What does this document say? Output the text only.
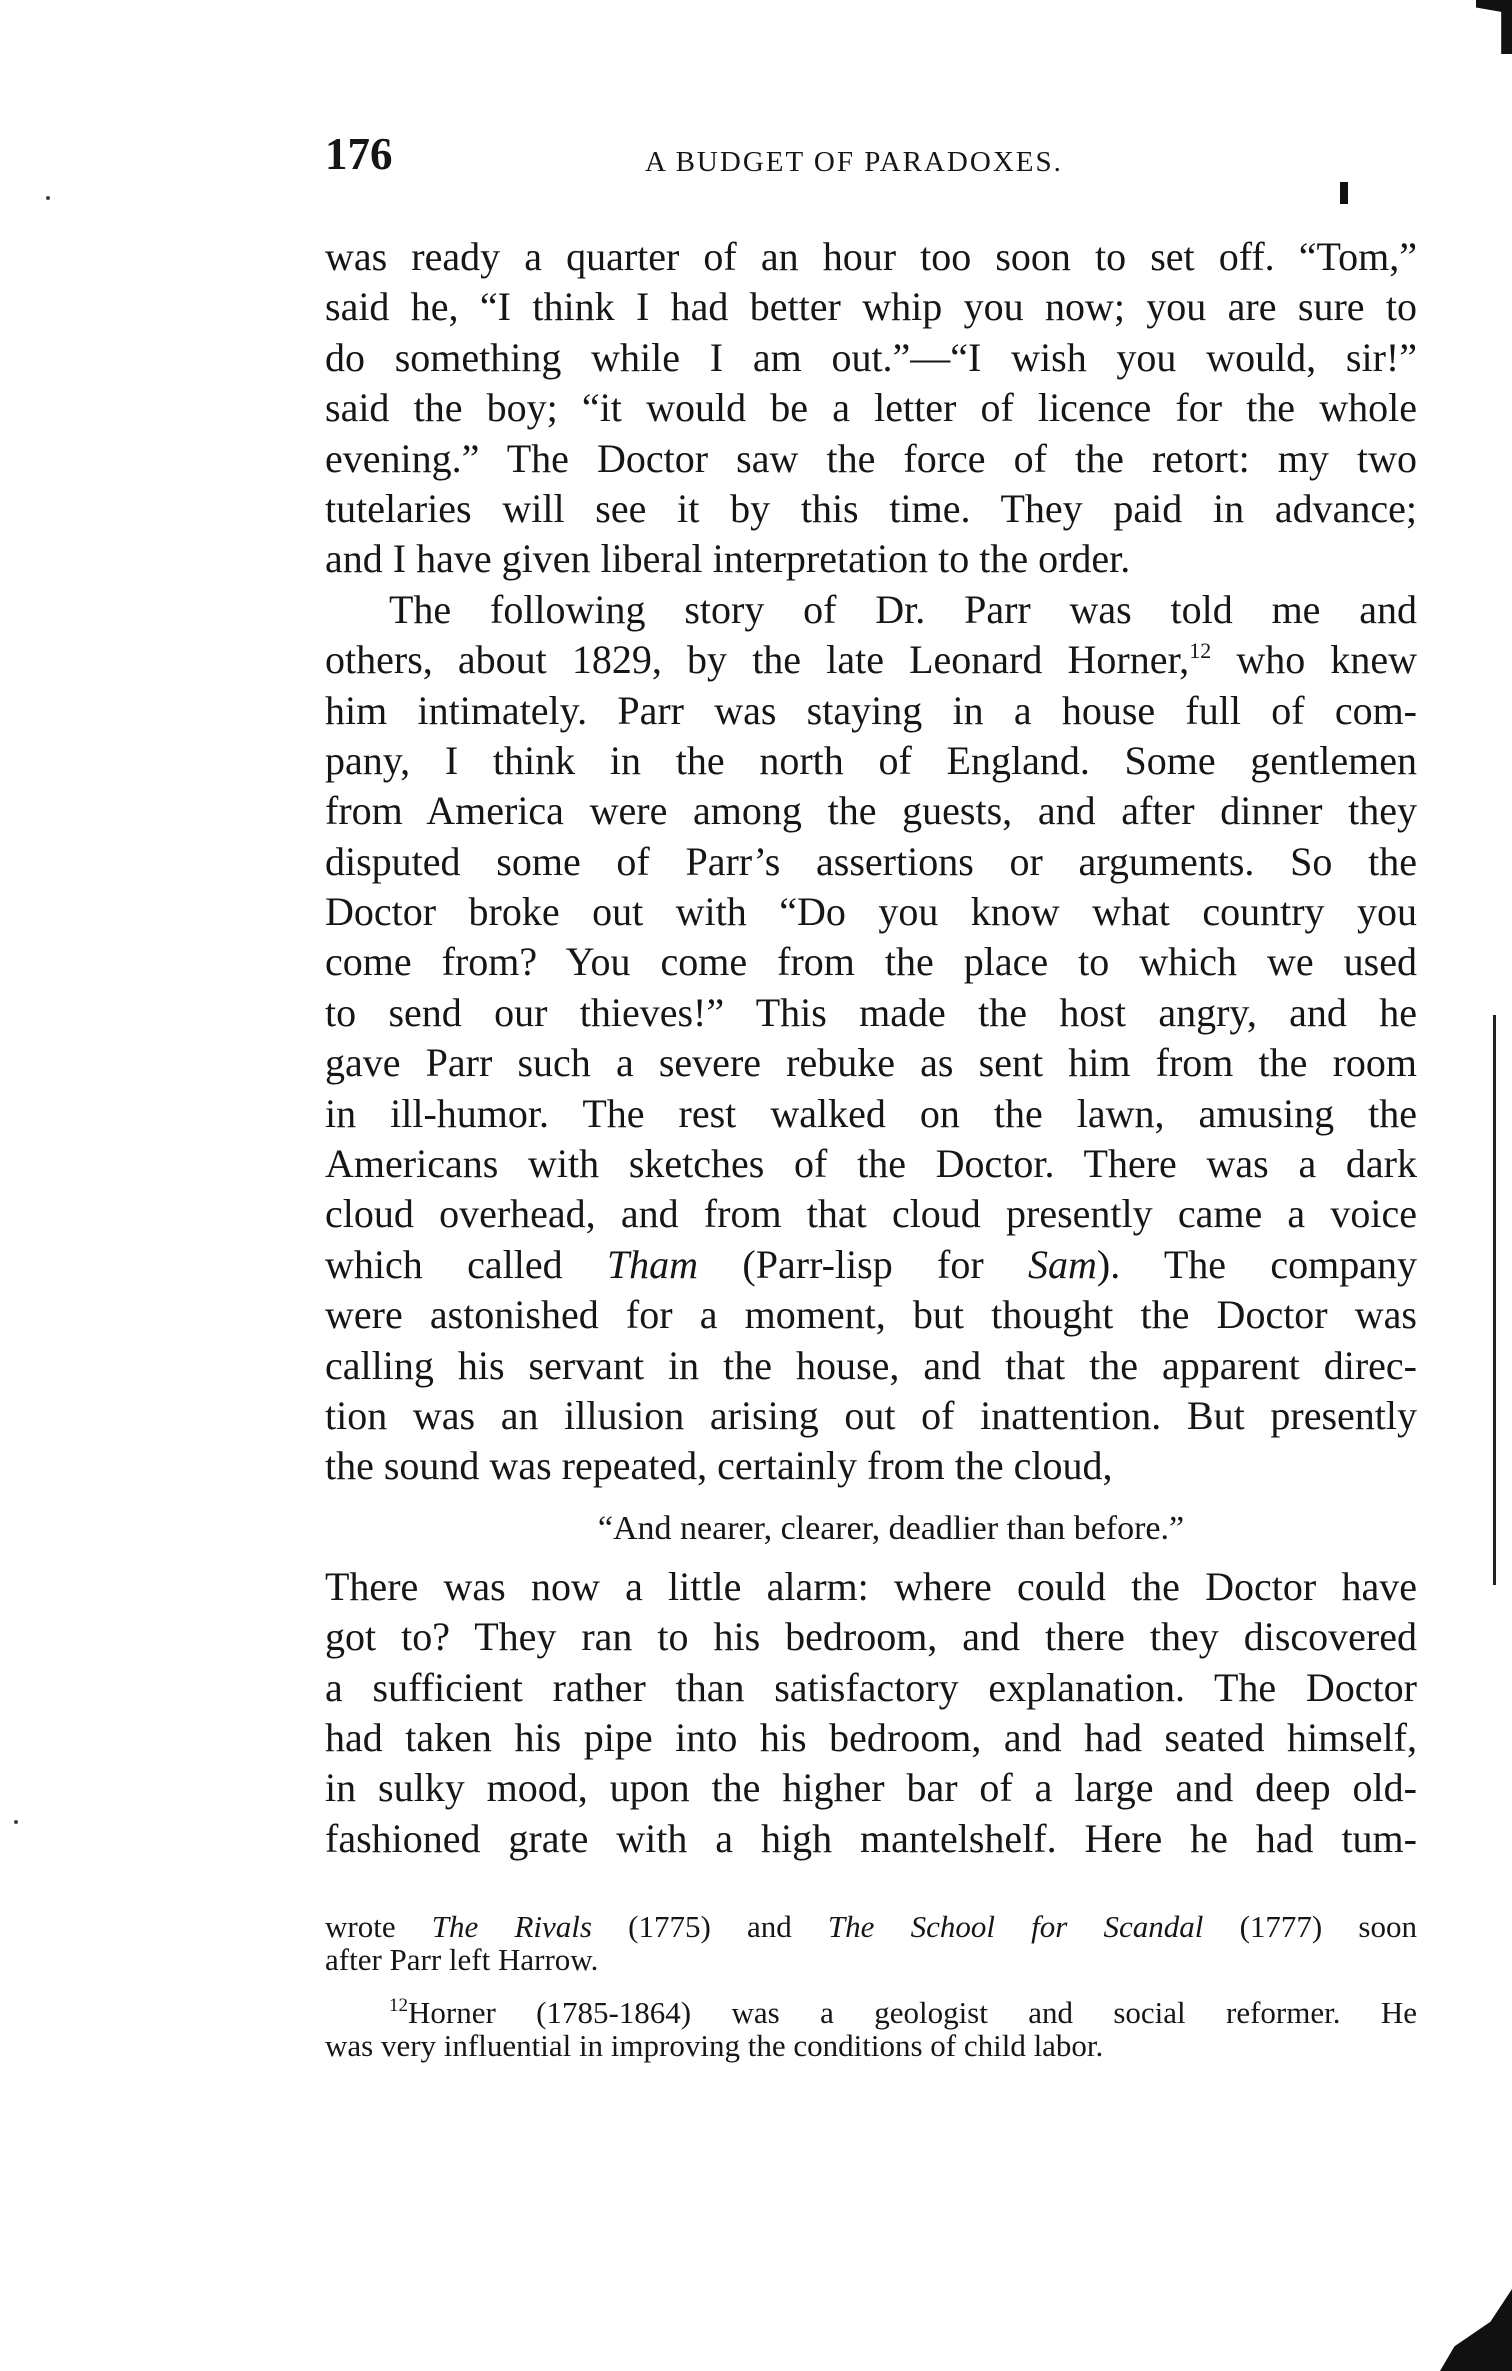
176	A BUDGET OF PARADOXES.
was ready a quarter of an hour too soon to set off. “Tom,”
said he, “I think I had better whip you now; you are sure to
do something while I am out.”—“I wish you would, sir!”
said the boy; “it would be a letter of licence for the whole
evening.” The Doctor saw the force of the retort: my two
tutelaries will see it by this time. They paid in advance;
and I have given liberal interpretation to the order.
The following story of Dr. Parr was told me and
others, about 1829, by the late Leonard Horner,$^{12}$ who knew
him intimately. Parr was staying in a house full of com-
pany, I think in the north of England. Some gentlemen
from America were among the guests, and after dinner they
disputed some of Parr’s assertions or arguments. So the
Doctor broke out with “Do you know what country you
come from? You come from the place to which we used
to send our thieves!” This made the host angry, and he
gave Parr such a severe rebuke as sent him from the room
in ill-humor. The rest walked on the lawn, amusing the
Americans with sketches of the Doctor. There was a dark
cloud overhead, and from that cloud presently came a voice
which called Tham (Parr-lisp for Sam). The company
were astonished for a moment, but thought the Doctor was
calling his servant in the house, and that the apparent direc-
tion was an illusion arising out of inattention. But presently
the sound was repeated, certainly from the cloud,
“And nearer, clearer, deadlier than before.”
There was now a little alarm: where could the Doctor have
got to? They ran to his bedroom, and there they discovered
a sufficient rather than satisfactory explanation. The Doctor
had taken his pipe into his bedroom, and had seated himself,
in sulky mood, upon the higher bar of a large and deep old-
fashioned grate with a high mantelshelf. Here he had tum-
wrote The Rivals (1775) and The School for Scandal (1777) soon
after Parr left Harrow.
$^{12}$Horner (1785-1864) was a geologist and social reformer. He
was very influential in improving the conditions of child labor.
